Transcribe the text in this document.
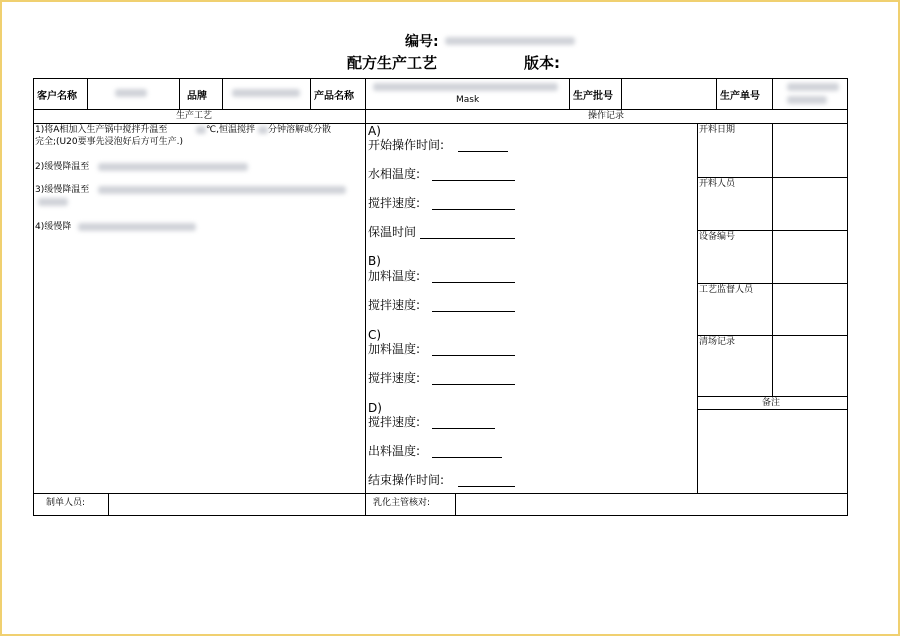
编号:
配方生产工艺	版本:
客户名称	品牌	产品名称	Mask	生产批号	生产单号
生产工艺	操作记录
1)将A相加入生产锅中搅拌升温至	℃,恒温搅拌 分钟溶解或分散
完全;(U20要事先浸泡好后方可生产.)
2)缓慢降温至
3)缓慢降温至
4)缓慢降
A)
开始操作时间:
水相温度:
搅拌速度:
保温时间
B)
加料温度:
搅拌速度:
C)
加料温度:
搅拌速度:
D)
搅拌速度:
出料温度:
结束操作时间:
开料日期
开料人员
设备编号
工艺监督人员
清场记录
备注
制单人员:	乳化主管核对:
